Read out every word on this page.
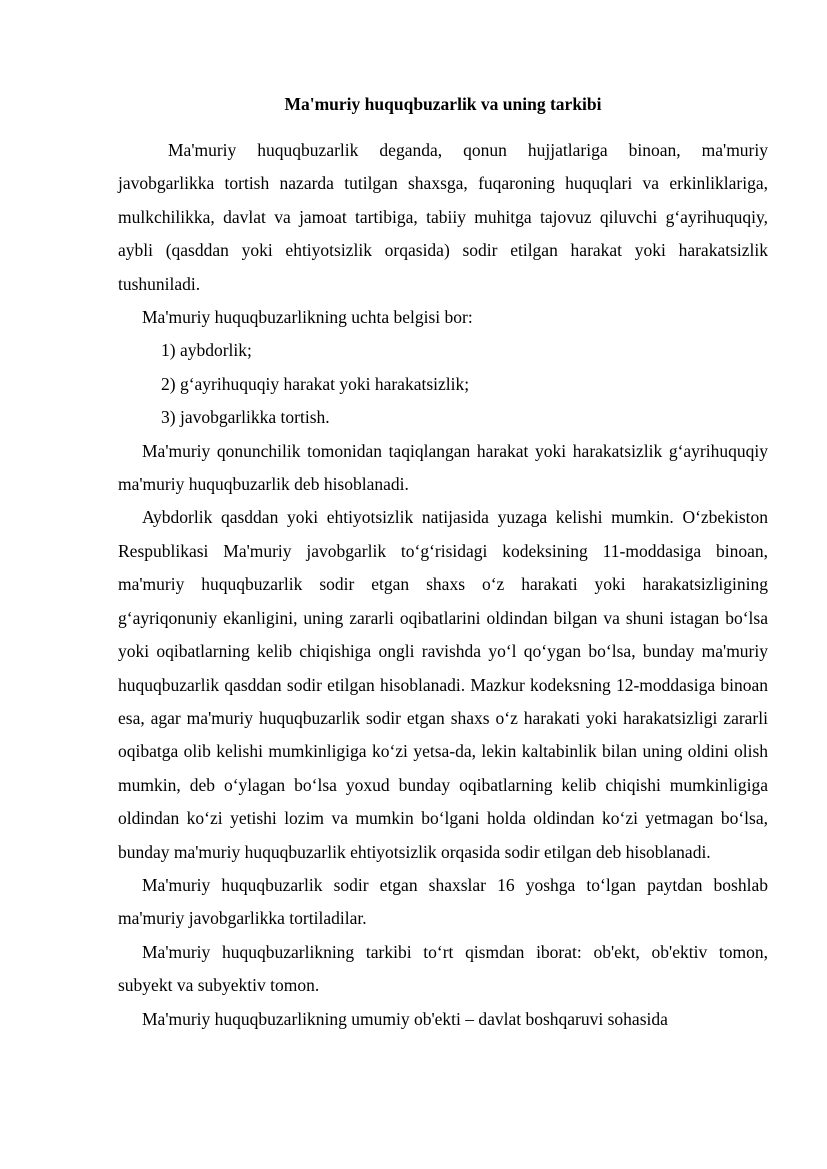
Ma'muriy huquqbuzarlik va uning tarkibi

Ma'muriy huquqbuzarlik deganda, qonun hujjatlariga binoan, ma'muriy javobgarlikka tortish nazarda tutilgan shaxsga, fuqaroning huquqlari va erkinliklariga, mulkchilikka, davlat va jamoat tartibiga, tabiiy muhitga tajovuz qiluvchi g‘ayrihuquqiy, aybli (qasddan yoki ehtiyotsizlik orqasida) sodir etilgan harakat yoki harakatsizlik tushuniladi.

Ma'muriy huquqbuzarlikning uchta belgisi bor:

1) aybdorlik;

2) g‘ayrihuquqiy harakat yoki harakatsizlik;

3) javobgarlikka tortish.

Ma'muriy qonunchilik tomonidan taqiqlangan harakat yoki harakatsizlik g‘ayrihuquqiy ma'muriy huquqbuzarlik deb hisoblanadi.

Aybdorlik qasddan yoki ehtiyotsizlik natijasida yuzaga kelishi mumkin. O‘zbekiston Respublikasi Ma'muriy javobgarlik to‘g‘risidagi kodeksining 11-moddasiga binoan, ma'muriy huquqbuzarlik sodir etgan shaxs o‘z harakati yoki harakatsizligining g‘ayriqonuniy ekanligini, uning zararli oqibatlarini oldindan bilgan va shuni istagan bo‘lsa yoki oqibatlarning kelib chiqishiga ongli ravishda yo‘l qo‘ygan bo‘lsa, bunday ma'muriy huquqbuzarlik qasddan sodir etilgan hisoblanadi. Mazkur kodeksning 12-moddasiga binoan esa, agar ma'muriy huquqbuzarlik sodir etgan shaxs o‘z harakati yoki harakatsizligi zararli oqibatga olib kelishi mumkinligiga ko‘zi yetsa-da, lekin kaltabinlik bilan uning oldini olish mumkin, deb o‘ylagan bo‘lsa yoxud bunday oqibatlarning kelib chiqishi mumkinligiga oldindan ko‘zi yetishi lozim va mumkin bo‘lgani holda oldindan ko‘zi yetmagan bo‘lsa, bunday ma'muriy huquqbuzarlik ehtiyotsizlik orqasida sodir etilgan deb hisoblanadi.

Ma'muriy huquqbuzarlik sodir etgan shaxslar 16 yoshga to‘lgan paytdan boshlab ma'muriy javobgarlikka tortiladilar.

Ma'muriy huquqbuzarlikning tarkibi to‘rt qismdan iborat: ob'ekt, ob'ektiv tomon, subyekt va subyektiv tomon.

Ma'muriy huquqbuzarlikning umumiy ob'ekti – davlat boshqaruvi sohasida
